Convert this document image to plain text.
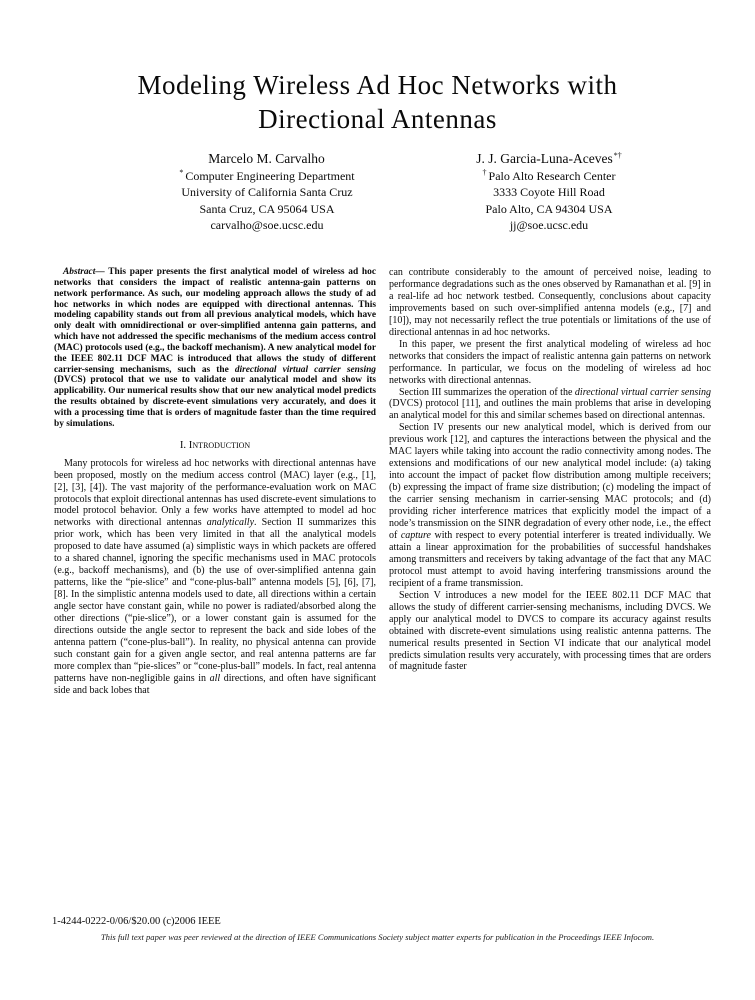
Modeling Wireless Ad Hoc Networks with
Directional Antennas
Marcelo M. Carvalho
* Computer Engineering Department
University of California Santa Cruz
Santa Cruz, CA 95064 USA
carvalho@soe.ucsc.edu
J. J. Garcia-Luna-Aceves*†
† Palo Alto Research Center
3333 Coyote Hill Road
Palo Alto, CA 94304 USA
jj@soe.ucsc.edu

Abstract— This paper presents the first analytical model of wireless ad hoc networks that considers the impact of realistic antenna-gain patterns on network performance. As such, our modeling approach allows the study of ad hoc networks in which nodes are equipped with directional antennas. This modeling capability stands out from all previous analytical models, which have only dealt with omnidirectional or over-simplified antenna gain patterns, and which have not addressed the specific mechanisms of the medium access control (MAC) protocols used (e.g., the backoff mechanism). A new analytical model for the IEEE 802.11 DCF MAC is introduced that allows the study of different carrier-sensing mechanisms, such as the directional virtual carrier sensing (DVCS) protocol that we use to validate our analytical model and show its applicability. Our numerical results show that our new analytical model predicts the results obtained by discrete-event simulations very accurately, and does it with a processing time that is orders of magnitude faster than the time required by simulations.

I. Introduction

Many protocols for wireless ad hoc networks with directional antennas have been proposed, mostly on the medium access control (MAC) layer (e.g., [1], [2], [3], [4]). The vast majority of the performance-evaluation work on MAC protocols that exploit directional antennas has used discrete-event simulations to model protocol behavior. Only a few works have attempted to model ad hoc networks with directional antennas analytically. Section II summarizes this prior work, which has been very limited in that all the analytical models proposed to date have assumed (a) simplistic ways in which packets are offered to a shared channel, ignoring the specific mechanisms used in MAC protocols (e.g., backoff mechanisms), and (b) the use of over-simplified antenna gain patterns, like the “pie-slice” and “cone-plus-ball” antenna models [5], [6], [7], [8]. In the simplistic antenna models used to date, all directions within a certain angle sector have constant gain, while no power is radiated/absorbed along the other directions (“pie-slice”), or a lower constant gain is assumed for the directions outside the angle sector to represent the back and side lobes of the antenna pattern (“cone-plus-ball”). In reality, no physical antenna can provide such constant gain for a given angle sector, and real antenna patterns are far more complex than “pie-slices” or “cone-plus-ball” models. In fact, real antenna patterns have non-negligible gains in all directions, and often have significant side and back lobes that

can contribute considerably to the amount of perceived noise, leading to performance degradations such as the ones observed by Ramanathan et al. [9] in a real-life ad hoc network testbed. Consequently, conclusions about capacity improvements based on such over-simplified antenna models (e.g., [7] and [10]), may not necessarily reflect the true potentials or limitations of the use of directional antennas in ad hoc networks.

In this paper, we present the first analytical modeling of wireless ad hoc networks that considers the impact of realistic antenna gain patterns on network performance. In particular, we focus on the modeling of wireless ad hoc networks with directional antennas.

Section III summarizes the operation of the directional virtual carrier sensing (DVCS) protocol [11], and outlines the main problems that arise in developing an analytical model for this and similar schemes based on directional antennas.

Section IV presents our new analytical model, which is derived from our previous work [12], and captures the interactions between the physical and the MAC layers while taking into account the radio connectivity among nodes. The extensions and modifications of our new analytical model include: (a) taking into account the impact of packet flow distribution among multiple receivers; (b) expressing the impact of frame size distribution; (c) modeling the impact of the carrier sensing mechanism in carrier-sensing MAC protocols; and (d) providing richer interference matrices that explicitly model the impact of a node’s transmission on the SINR degradation of every other node, i.e., the effect of capture with respect to every potential interferer is treated individually. We attain a linear approximation for the probabilities of successful handshakes among transmitters and receivers by taking advantage of the fact that any MAC protocol must attempt to avoid having interfering transmissions around the recipient of a frame transmission.

Section V introduces a new model for the IEEE 802.11 DCF MAC that allows the study of different carrier-sensing mechanisms, including DVCS. We apply our analytical model to DVCS to compare its accuracy against results obtained with discrete-event simulations using realistic antenna patterns. The numerical results presented in Section VI indicate that our analytical model predicts simulation results very accurately, with processing times that are orders of magnitude faster

1-4244-0222-0/06/$20.00 (c)2006 IEEE
This full text paper was peer reviewed at the direction of IEEE Communications Society subject matter experts for publication in the Proceedings IEEE Infocom.
